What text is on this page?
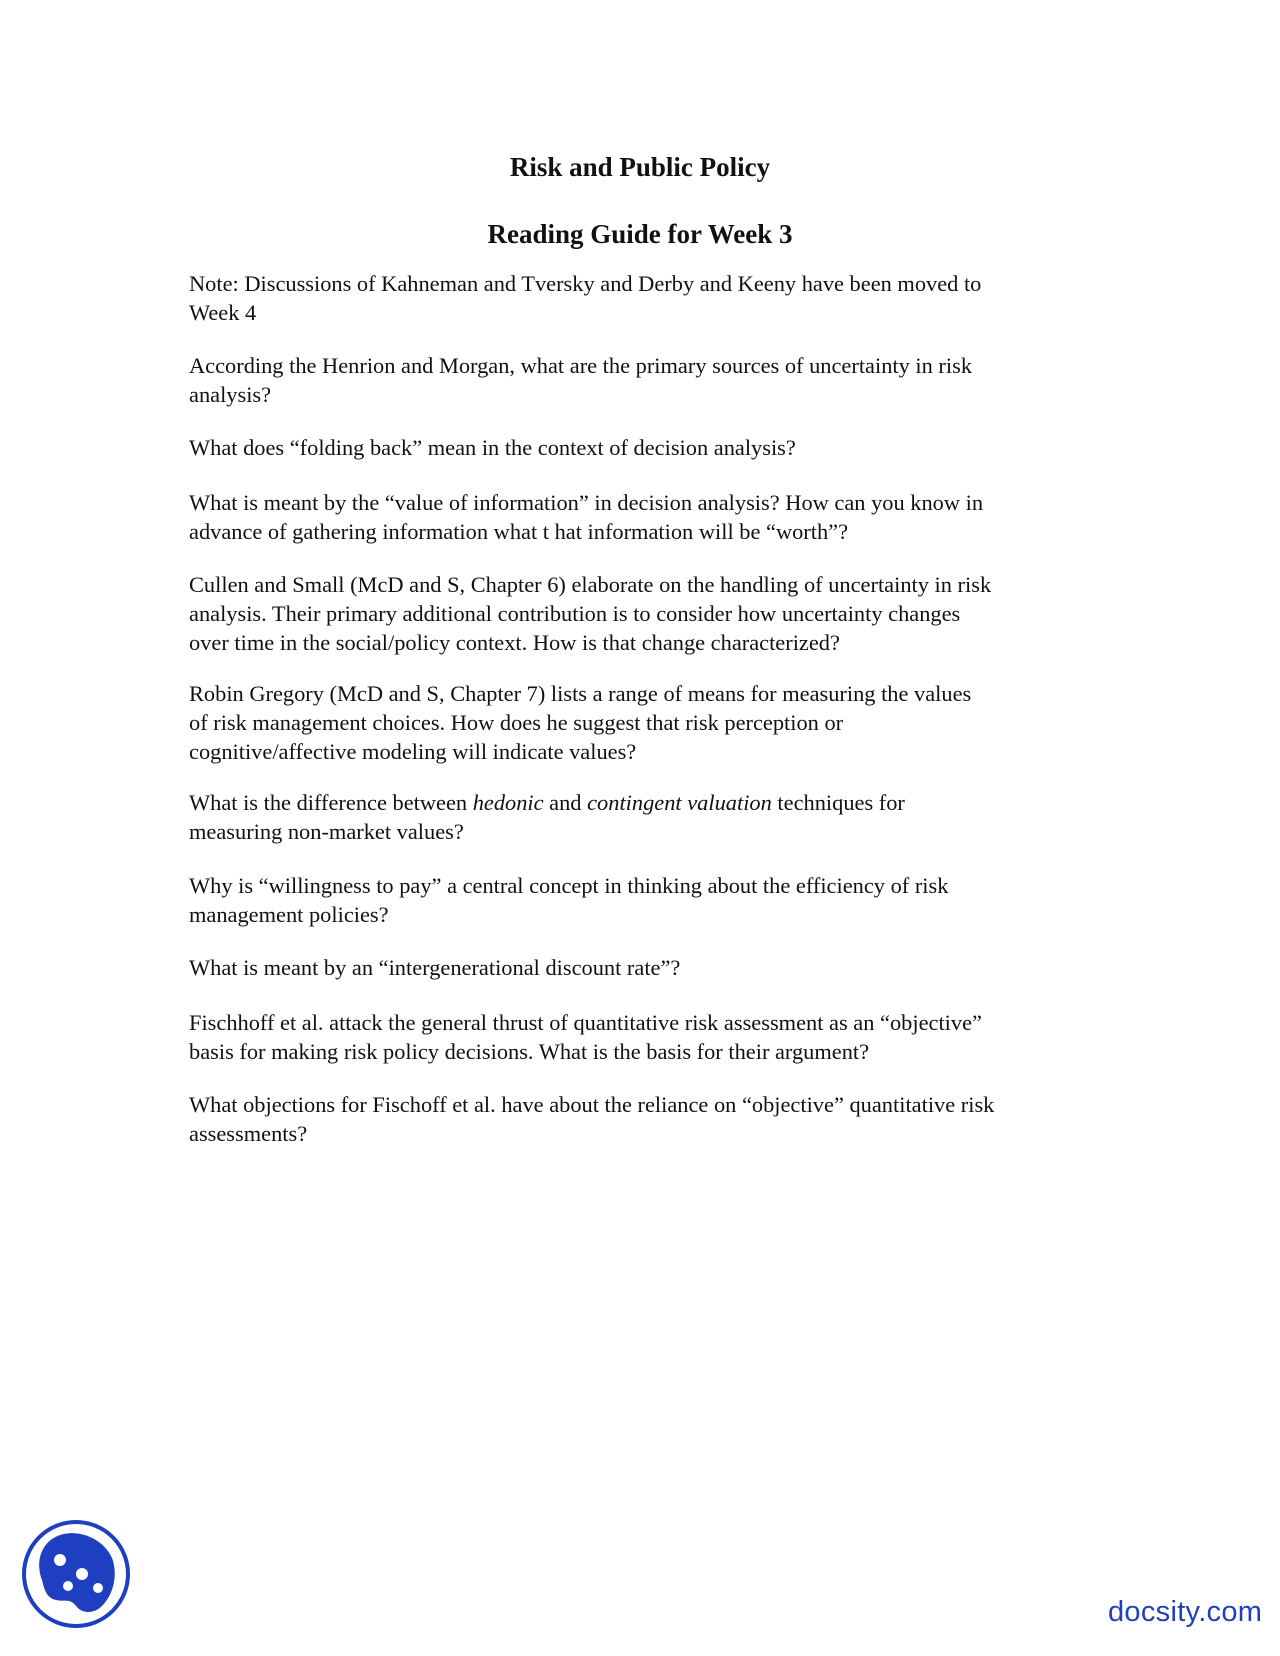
Risk and Public Policy
Reading Guide for Week 3

Note: Discussions of Kahneman and Tversky and Derby and Keeny have been moved to
Week 4

According the Henrion and Morgan, what are the primary sources of uncertainty in risk
analysis?

What does “folding back” mean in the context of decision analysis?

What is meant by the “value of information” in decision analysis? How can you know in
advance of gathering information what t hat information will be “worth”?

Cullen and Small (McD and S, Chapter 6) elaborate on the handling of uncertainty in risk
analysis. Their primary additional contribution is to consider how uncertainty changes
over time in the social/policy context. How is that change characterized?

Robin Gregory (McD and S, Chapter 7) lists a range of means for measuring the values
of risk management choices. How does he suggest that risk perception or
cognitive/affective modeling will indicate values?

What is the difference between hedonic and contingent valuation techniques for
measuring non-market values?

Why is “willingness to pay” a central concept in thinking about the efficiency of risk
management policies?

What is meant by an “intergenerational discount rate”?

Fischhoff et al. attack the general thrust of quantitative risk assessment as an “objective”
basis for making risk policy decisions. What is the basis for their argument?

What objections for Fischoff et al. have about the reliance on “objective” quantitative risk
assessments?

docsity.com
